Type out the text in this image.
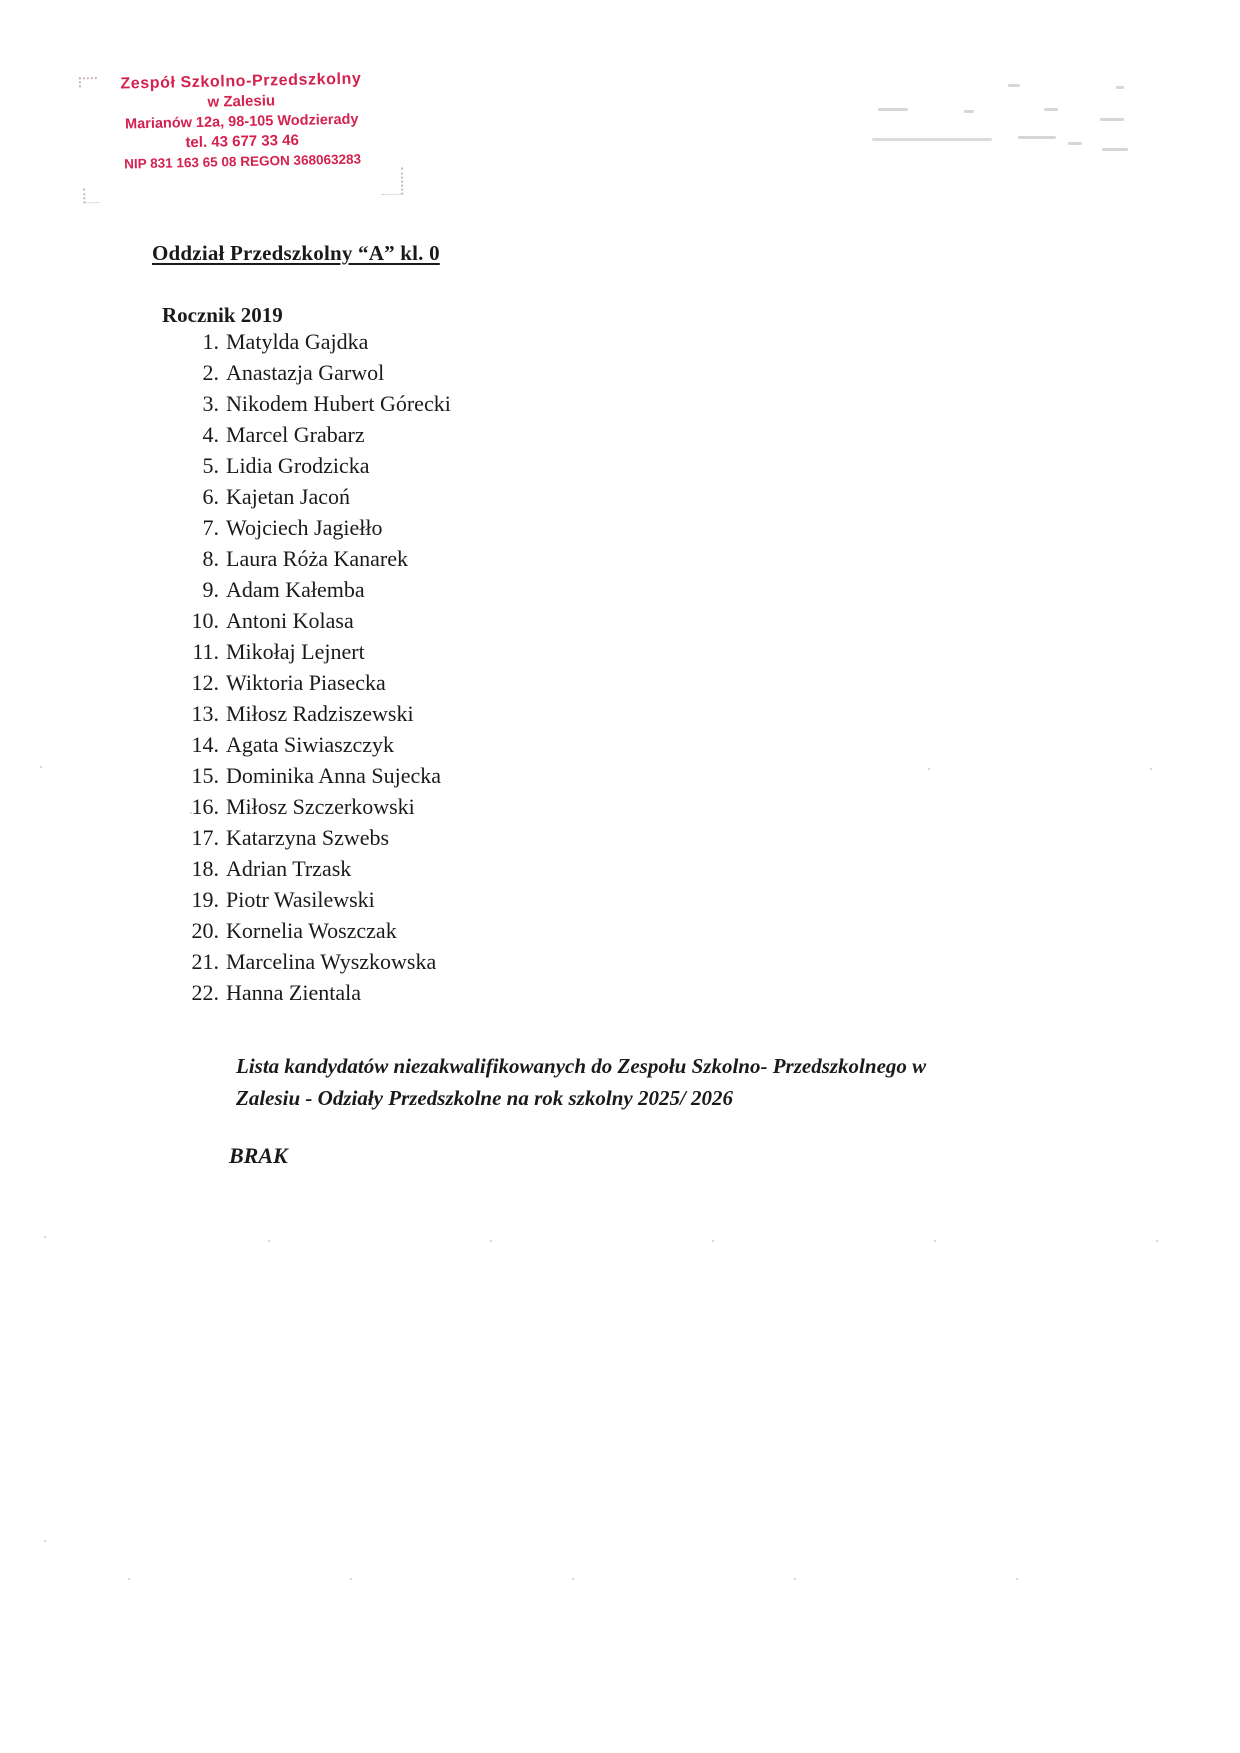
Zespół Szkolno-Przedszkolny
w Zalesiu
Marianów 12a, 98-105 Wodzierady
tel. 43 677 33 46
NIP 831 163 65 08 REGON 368063283
Oddział Przedszkolny “A” kl. 0
Rocznik 2019
1. Matylda Gajdka
2. Anastazja Garwol
3. Nikodem Hubert Górecki
4. Marcel Grabarz
5. Lidia Grodzicka
6. Kajetan Jacoń
7. Wojciech Jagiełło
8. Laura Róża Kanarek
9. Adam Kałemba
10. Antoni Kolasa
11. Mikołaj Lejnert
12. Wiktoria Piasecka
13. Miłosz Radziszewski
14. Agata Siwiaszczyk
15. Dominika Anna Sujecka
16. Miłosz Szczerkowski
17. Katarzyna Szwebs
18. Adrian Trzask
19. Piotr Wasilewski
20. Kornelia Woszczak
21. Marcelina Wyszkowska
22. Hanna Zientala
Lista kandydatów niezakwalifikowanych do Zespołu Szkolno- Przedszkolnego w
Zalesiu - Odziały Przedszkolne na rok szkolny 2025/ 2026
BRAK
